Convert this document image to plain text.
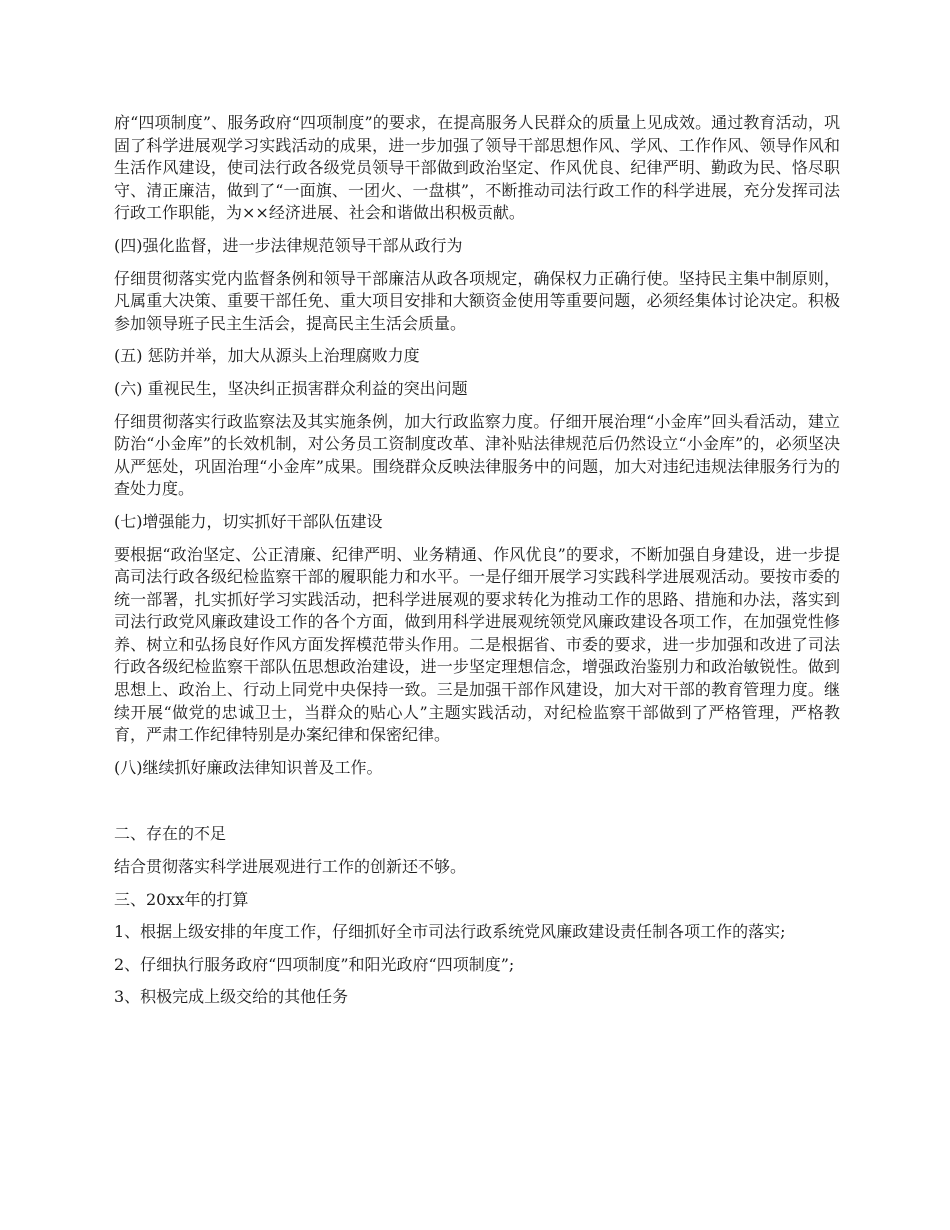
府“四项制度”、服务政府“四项制度”的要求，在提高服务人民群众的质量上见成效。通过教育活动，巩固了科学进展观学习实践活动的成果，进一步加强了领导干部思想作风、学风、工作作风、领导作风和生活作风建设，使司法行政各级党员领导干部做到政治坚定、作风优良、纪律严明、勤政为民、恪尽职守、清正廉洁，做到了“一面旗、一团火、一盘棋”，不断推动司法行政工作的科学进展，充分发挥司法行政工作职能，为××经济进展、社会和谐做出积极贡献。

(四)强化监督，进一步法律规范领导干部从政行为

仔细贯彻落实党内监督条例和领导干部廉洁从政各项规定，确保权力正确行使。坚持民主集中制原则，凡属重大决策、重要干部任免、重大项目安排和大额资金使用等重要问题，必须经集体讨论决定。积极参加领导班子民主生活会，提高民主生活会质量。

(五) 惩防并举，加大从源头上治理腐败力度

(六) 重视民生，坚决纠正损害群众利益的突出问题

仔细贯彻落实行政监察法及其实施条例，加大行政监察力度。仔细开展治理“小金库”回头看活动，建立防治“小金库”的长效机制，对公务员工资制度改革、津补贴法律规范后仍然设立“小金库”的，必须坚决从严惩处，巩固治理“小金库”成果。围绕群众反映法律服务中的问题，加大对违纪违规法律服务行为的查处力度。

(七)增强能力，切实抓好干部队伍建设

要根据“政治坚定、公正清廉、纪律严明、业务精通、作风优良”的要求，不断加强自身建设，进一步提高司法行政各级纪检监察干部的履职能力和水平。一是仔细开展学习实践科学进展观活动。要按市委的统一部署，扎实抓好学习实践活动，把科学进展观的要求转化为推动工作的思路、措施和办法，落实到司法行政党风廉政建设工作的各个方面，做到用科学进展观统领党风廉政建设各项工作，在加强党性修养、树立和弘扬良好作风方面发挥模范带头作用。二是根据省、市委的要求，进一步加强和改进了司法行政各级纪检监察干部队伍思想政治建设，进一步坚定理想信念，增强政治鉴别力和政治敏锐性。做到思想上、政治上、行动上同党中央保持一致。三是加强干部作风建设，加大对干部的教育管理力度。继续开展“做党的忠诚卫士，当群众的贴心人”主题实践活动，对纪检监察干部做到了严格管理，严格教育，严肃工作纪律特别是办案纪律和保密纪律。

(八)继续抓好廉政法律知识普及工作。

二、存在的不足

结合贯彻落实科学进展观进行工作的创新还不够。

三、20xx年的打算

1、根据上级安排的年度工作，仔细抓好全市司法行政系统党风廉政建设责任制各项工作的落实;

2、仔细执行服务政府“四项制度”和阳光政府“四项制度”;

3、积极完成上级交给的其他任务
